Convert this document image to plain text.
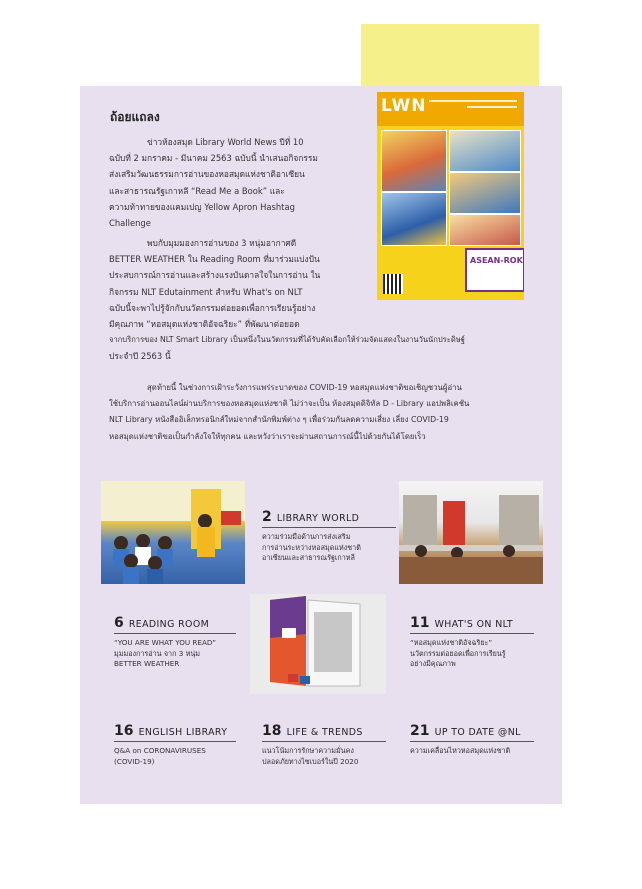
LWN
ASEAN-ROK
ถ้อยแถลง
ข่าวห้องสมุด Library World News ปีที่ 10
ฉบับที่ 2 มกราคม - มีนาคม 2563 ฉบับนี้ นำเสนอกิจกรรม
ส่งเสริมวัฒนธรรมการอ่านของหอสมุดแห่งชาติอาเซียน
และสาธารณรัฐเกาหลี “Read Me a Book” และ
ความท้าทายของแคมเปญ Yellow Apron Hashtag
Challenge
พบกับมุมมองการอ่านของ 3 หนุ่มอากาศดี
BETTER WEATHER ใน Reading Room ที่มาร่วมแบ่งปัน
ประสบการณ์การอ่านและสร้างแรงบันดาลใจในการอ่าน ใน
กิจกรรม NLT Edutainment สำหรับ What's on NLT
ฉบับนี้จะพาไปรู้จักกับนวัตกรรมต่อยอดเพื่อการเรียนรู้อย่าง
มีคุณภาพ “หอสมุดแห่งชาติอัจฉริยะ” ที่พัฒนาต่อยอด
จากบริการของ NLT Smart Library เป็นหนึ่งในนวัตกรรมที่ได้รับคัดเลือกให้ร่วมจัดแสดงในงานวันนักประดิษฐ์
ประจำปี 2563 นี้
สุดท้ายนี้ ในช่วงการเฝ้าระวังการแพร่ระบาดของ COVID-19 หอสมุดแห่งชาติขอเชิญชวนผู้อ่าน
ใช้บริการอ่านออนไลน์ผ่านบริการของหอสมุดแห่งชาติ ไม่ว่าจะเป็น ห้องสมุดดิจิทัล D - Library แอปพลิเคชัน
NLT Library หนังสืออิเล็กทรอนิกส์ใหม่จากสำนักพิมพ์ต่าง ๆ เพื่อร่วมกันลดความเสี่ยง เลี่ยง COVID-19
หอสมุดแห่งชาติขอเป็นกำลังใจให้ทุกคน และหวังว่าเราจะผ่านสถานการณ์นี้ไปด้วยกันได้โดยเร็ว
2 LIBRARY WORLD
ความร่วมมือด้านการส่งเสริม
การอ่านระหว่างหอสมุดแห่งชาติ
อาเซียนและสาธารณรัฐเกาหลี
6 READING ROOM
“YOU ARE WHAT YOU READ”
มุมมองการอ่าน จาก 3 หนุ่ม
BETTER WEATHER
11 WHAT'S ON NLT
“หอสมุดแห่งชาติอัจฉริยะ”
นวัตกรรมต่อยอดเพื่อการเรียนรู้
อย่างมีคุณภาพ
16 ENGLISH LIBRARY
Q&A on CORONAVIRUSES
(COVID-19)
18 LIFE & TRENDS
แนวโน้มการรักษาความมั่นคง
ปลอดภัยทางไซเบอร์ในปี 2020
21 UP TO DATE @NL
ความเคลื่อนไหวหอสมุดแห่งชาติ
